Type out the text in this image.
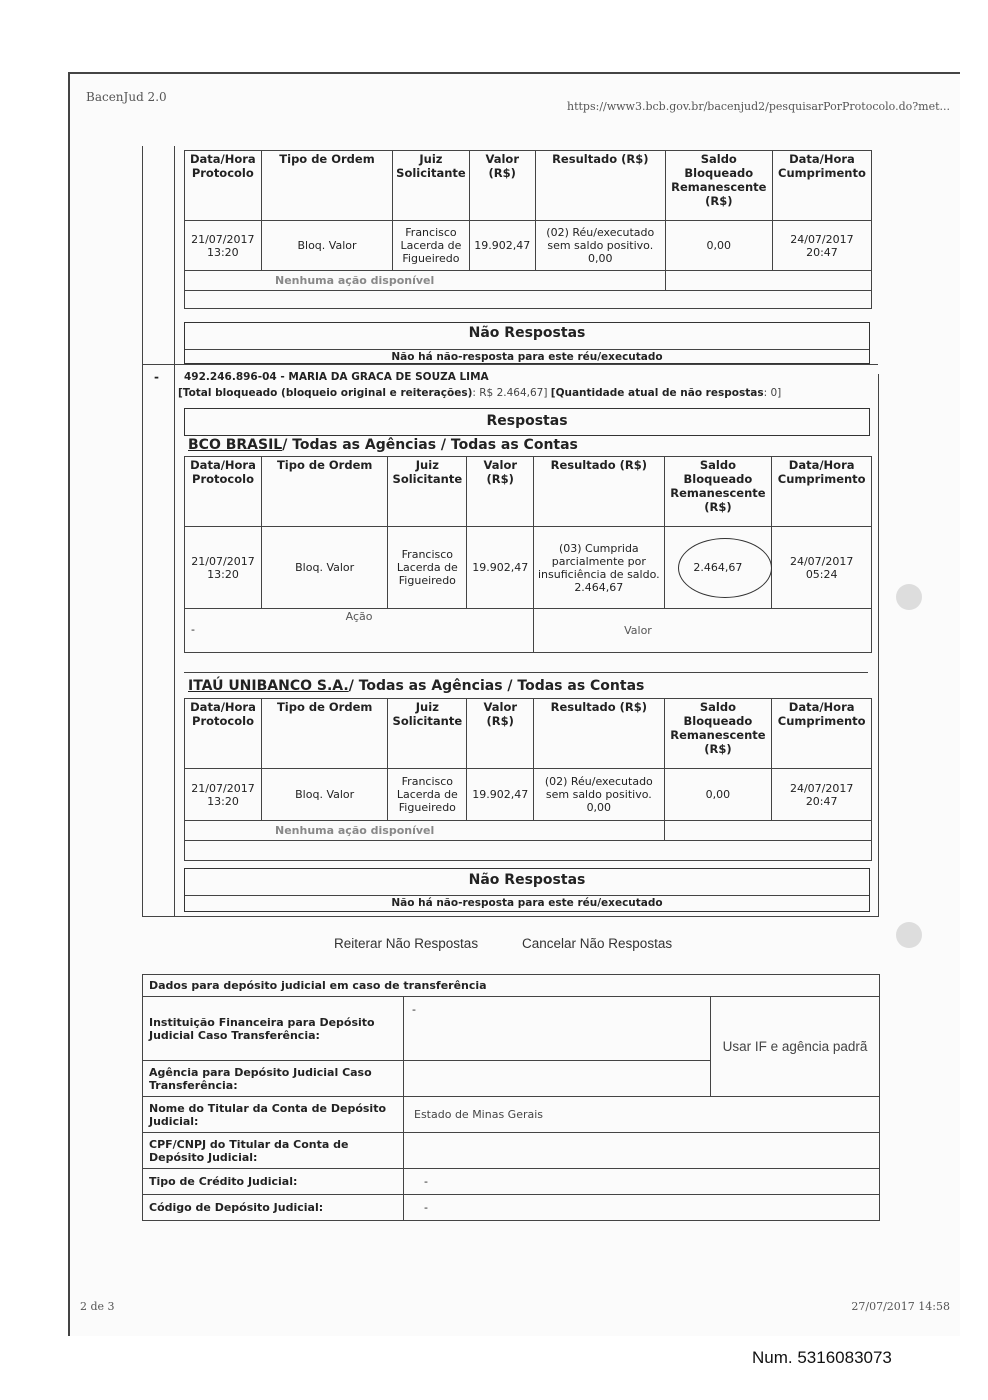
BacenJud 2.0
https://www3.bcb.gov.br/bacenjud2/pesquisarPorProtocolo.do?met...
Data/Hora Protocolo	Tipo de Ordem	Juiz Solicitante	Valor (R$)	Resultado (R$)	Saldo Bloqueado Remanescente (R$)	Data/Hora Cumprimento
21/07/2017 13:20	Bloq. Valor	Francisco Lacerda de Figueiredo	19.902,47	(02) Réu/executado sem saldo positivo. 0,00	0,00	24/07/2017 20:47
Nenhuma ação disponível						

Não Respostas
Não há não-resposta para este réu/executado
- 492.246.896-04 - MARIA DA GRACA DE SOUZA LIMA
[Total bloqueado (bloqueio original e reiterações): R$ 2.464,67] [Quantidade atual de não respostas: 0]
Respostas
BCO BRASIL/ Todas as Agências / Todas as Contas
Data/Hora Protocolo	Tipo de Ordem	Juiz Solicitante	Valor (R$)	Resultado (R$)	Saldo Bloqueado Remanescente (R$)	Data/Hora Cumprimento
21/07/2017 13:20	Bloq. Valor	Francisco Lacerda de Figueiredo	19.902,47	(03) Cumprida parcialmente por insuficiência de saldo. 2.464,67	2.464,67	24/07/2017 05:24

Ação
-				Valor		
ITAÚ UNIBANCO S.A./ Todas as Agências / Todas as Contas
Data/Hora Protocolo	Tipo de Ordem	Juiz Solicitante	Valor (R$)	Resultado (R$)	Saldo Bloqueado Remanescente (R$)	Data/Hora Cumprimento
21/07/2017 13:20	Bloq. Valor	Francisco Lacerda de Figueiredo	19.902,47	(02) Réu/executado sem saldo positivo. 0,00	0,00	24/07/2017 20:47
Nenhuma ação disponível						

Não Respostas
Não há não-resposta para este réu/executado
Reiterar Não Respostas	Cancelar Não Respostas
Dados para depósito judicial em caso de transferência		
Instituição Financeira para Depósito Judicial Caso Transferência:	-	Usar IF e agência padrã
Agência para Depósito Judicial Caso Transferência:		
Nome do Titular da Conta de Depósito Judicial:	Estado de Minas Gerais	
CPF/CNPJ do Titular da Conta de Depósito Judicial:		
Tipo de Crédito Judicial:	-	
Código de Depósito Judicial:	-	
2 de 3	27/07/2017 14:58
Num. 5316083073
